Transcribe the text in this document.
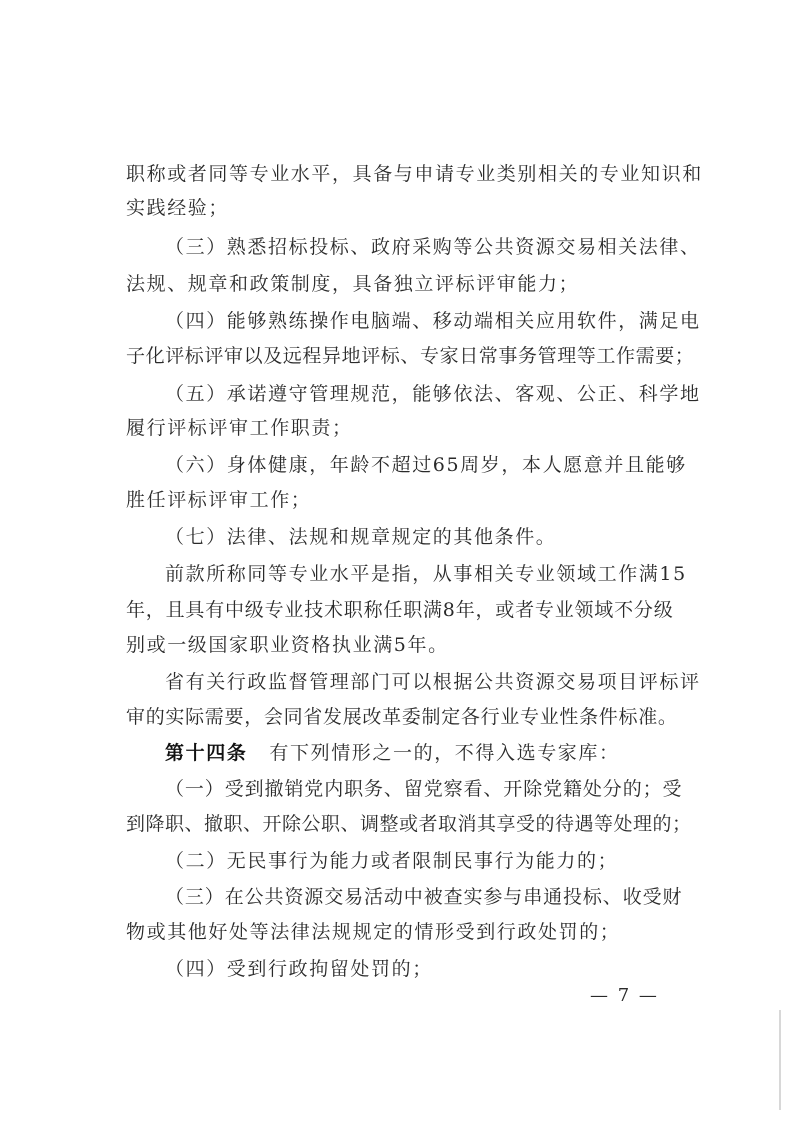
职称或者同等专业水平，具备与申请专业类别相关的专业知识和
实践经验；
（三）熟悉招标投标、政府采购等公共资源交易相关法律、
法规、规章和政策制度，具备独立评标评审能力；
（四）能够熟练操作电脑端、移动端相关应用软件，满足电
子化评标评审以及远程异地评标、专家日常事务管理等工作需要；
（五）承诺遵守管理规范，能够依法、客观、公正、科学地
履行评标评审工作职责；
（六）身体健康，年龄不超过65周岁，本人愿意并且能够
胜任评标评审工作；
（七）法律、法规和规章规定的其他条件。
前款所称同等专业水平是指，从事相关专业领域工作满15
年，且具有中级专业技术职称任职满8年，或者专业领域不分级
别或一级国家职业资格执业满5年。
省有关行政监督管理部门可以根据公共资源交易项目评标评
审的实际需要，会同省发展改革委制定各行业专业性条件标准。
第十四条 有下列情形之一的，不得入选专家库：
（一）受到撤销党内职务、留党察看、开除党籍处分的；受
到降职、撤职、开除公职、调整或者取消其享受的待遇等处理的；
（二）无民事行为能力或者限制民事行为能力的；
（三）在公共资源交易活动中被查实参与串通投标、收受财
物或其他好处等法律法规规定的情形受到行政处罚的；
（四）受到行政拘留处罚的；
— 7 —
